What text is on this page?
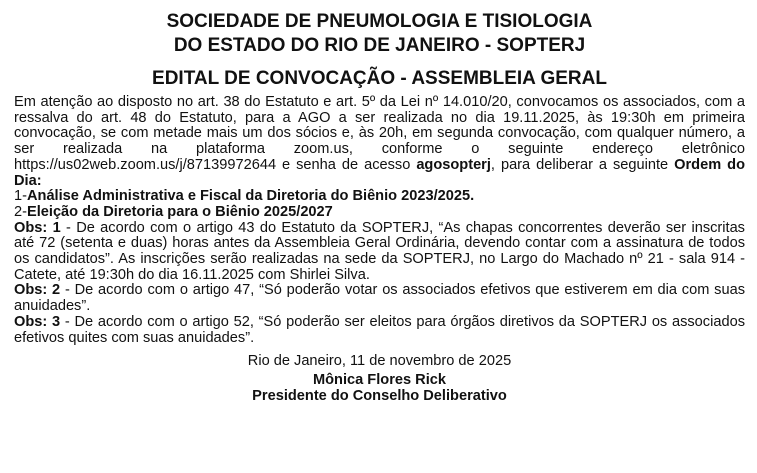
SOCIEDADE DE PNEUMOLOGIA E TISIOLOGIA

DO ESTADO DO RIO DE JANEIRO - SOPTERJ

EDITAL DE CONVOCAÇÃO - ASSEMBLEIA GERAL

Em atenção ao disposto no art. 38 do Estatuto e art. 5º da Lei nº 14.010/20, convocamos os associados, com a ressalva do art. 48 do Estatuto, para a AGO a ser realizada no dia 19.11.2025, às 19:30h em primeira convocação, se com metade mais um dos sócios e, às 20h, em segunda convocação, com qualquer número, a ser realizada na plataforma zoom.us, conforme o seguinte endereço eletrônico https://us02web.zoom.us/j/87139972644 e senha de acesso agosopterj, para deliberar a seguinte Ordem do Dia:

1-Análise Administrativa e Fiscal da Diretoria do Biênio 2023/2025.

2-Eleição da Diretoria para o Biênio 2025/2027

Obs: 1 - De acordo com o artigo 43 do Estatuto da SOPTERJ, “As chapas concorrentes deverão ser inscritas até 72 (setenta e duas) horas antes da Assembleia Geral Ordinária, devendo contar com a assinatura de todos os candidatos”. As inscrições serão realizadas na sede da SOPTERJ, no Largo do Machado nº 21 - sala 914 - Catete, até 19:30h do dia 16.11.2025 com Shirlei Silva.

Obs: 2 - De acordo com o artigo 47, “Só poderão votar os associados efetivos que estiverem em dia com suas anuidades”.

Obs: 3 - De acordo com o artigo 52, “Só poderão ser eleitos para órgãos diretivos da SOPTERJ os associados efetivos quites com suas anuidades”.

Rio de Janeiro, 11 de novembro de 2025

Mônica Flores Rick

Presidente do Conselho Deliberativo
